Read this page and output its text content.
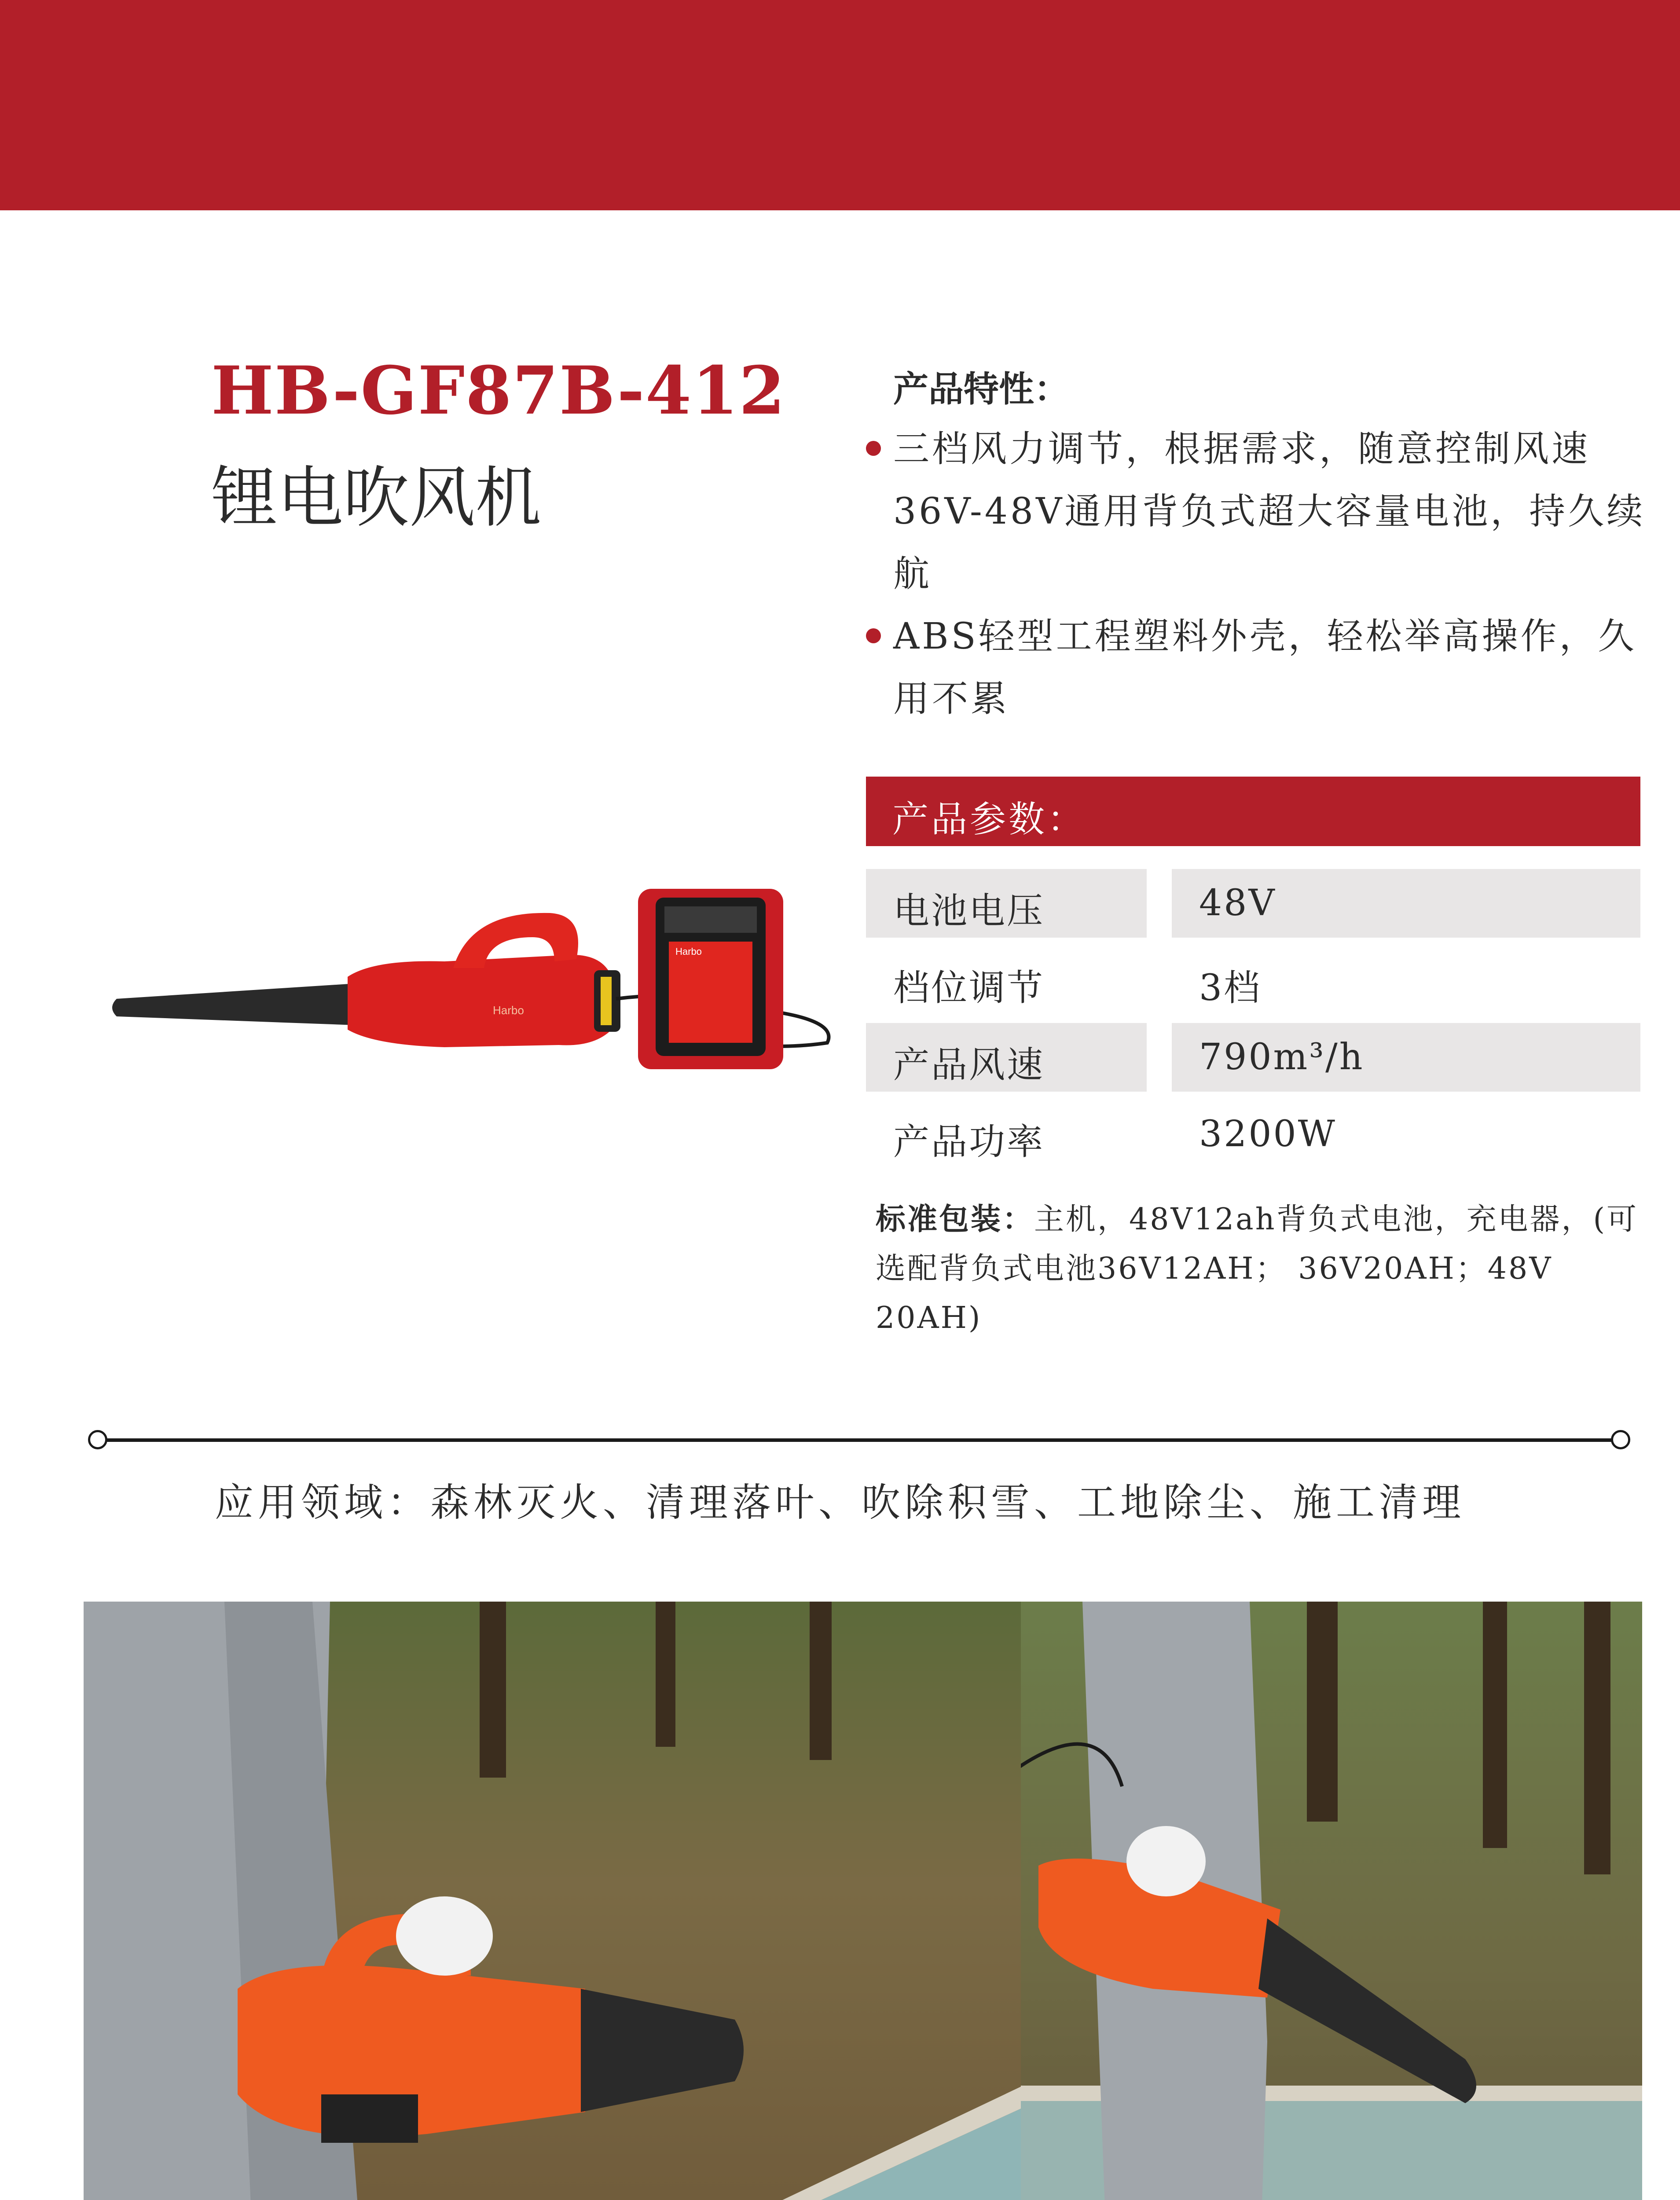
HB-GF87B-412
锂电吹风机
产品特性：
三档风力调节，根据需求，随意控制风速36V-48V通用背负式超大容量电池，持久续航
ABS轻型工程塑料外壳，轻松举高操作，久用不累
产品参数：
电池电压	48V
档位调节	3档
产品风速	790m³/h
产品功率	3200W
标准包装：主机，48V12ah背负式电池，充电器，(可选配背负式电池36V12AH； 36V20AH；48V 20AH)
应用领域：森林灭火、清理落叶、吹除积雪、工地除尘、施工清理
Harbo
Harbo
